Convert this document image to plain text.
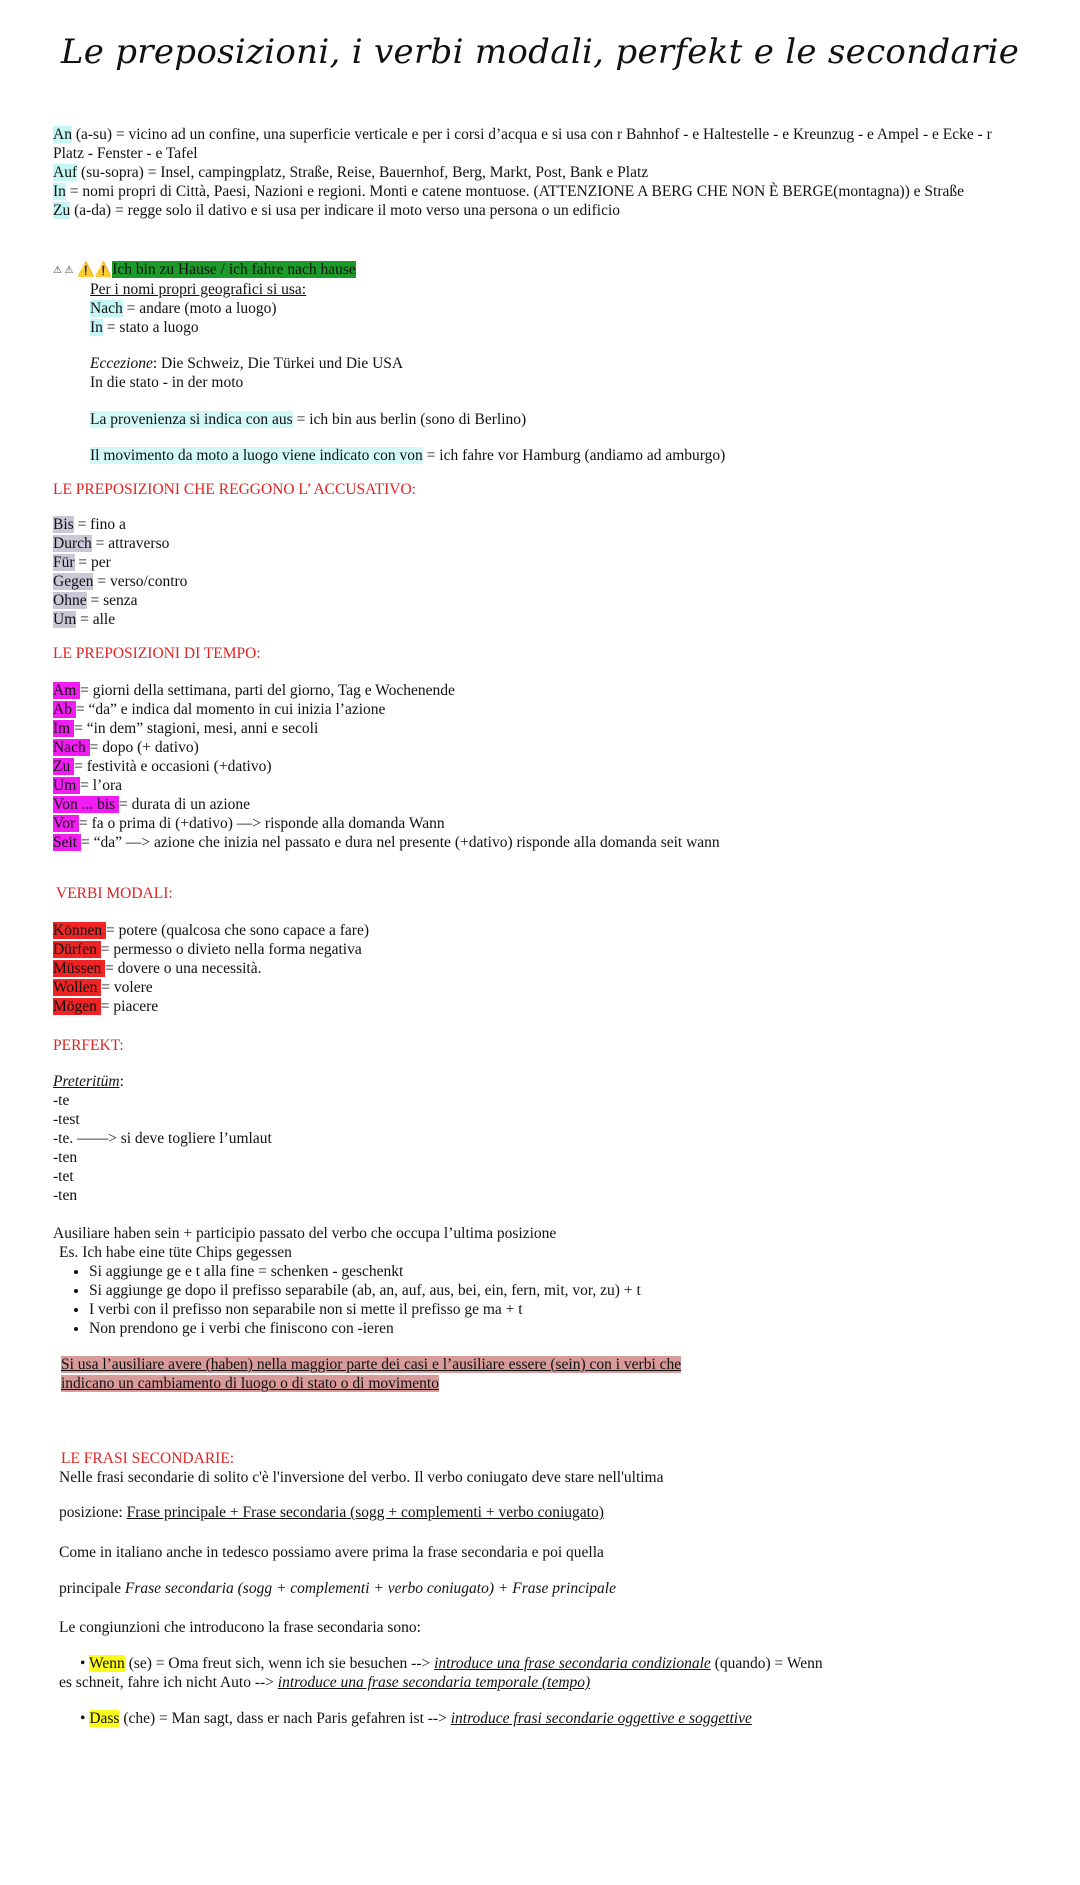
Le preposizioni, i verbi modali, perfekt e le secondarie

An (a-su) = vicino ad un confine, una superficie verticale e per i corsi d’acqua e si usa con r Bahnhof - e Haltestelle - e Kreunzug - e Ampel - e Ecke - r Platz - Fenster - e Tafel

Auf (su-sopra) = Insel, campingplatz, Straße, Reise, Bauernhof, Berg, Markt, Post, Bank e Platz

In = nomi propri di Città, Paesi, Nazioni e regioni. Monti e catene montuose. (ATTENZIONE A BERG CHE NON È BERGE(montagna)) e Straße

Zu (a-da) = regge solo il dativo e si usa per indicare il moto verso una persona o un edificio

⚠ ⚠ ⚠️⚠️Ich bin zu Hause / ich fahre nach hause

Per i nomi propri geografici si usa:

Nach = andare (moto a luogo)

In = stato a luogo

Eccezione: Die Schweiz, Die Türkei und Die USA

In die stato - in der moto

La provenienza si indica con aus = ich bin aus berlin (sono di Berlino)
Il movimento da moto a luogo viene indicato con von = ich fahre vor Hamburg (andiamo ad amburgo)
LE PREPOSIZIONI CHE REGGONO L’ ACCUSATIVO:

Bis = fino a

Durch = attraverso

Für = per

Gegen = verso/contro

Ohne = senza

Um = alle

LE PREPOSIZIONI DI TEMPO:

Am = giorni della settimana, parti del giorno, Tag e Wochenende

Ab = “da” e indica dal momento in cui inizia l’azione

Im = “in dem” stagioni, mesi, anni e secoli

Nach = dopo (+ dativo)

Zu = festività e occasioni (+dativo)

Um = l’ora

Von ... bis = durata di un azione

Vor = fa o prima di (+dativo) —> risponde alla domanda Wann

Seit = “da” —> azione che inizia nel passato e dura nel presente (+dativo) risponde alla domanda seit wann

VERBI MODALI:

Können = potere (qualcosa che sono capace a fare)

Dürfen = permesso o divieto nella forma negativa

Müssen = dovere o una necessità.

Wollen = volere

Mögen = piacere

PERFEKT:

Preteritüm:

-te

-test

-te. ——> si deve togliere l’umlaut

-ten

-tet

-ten

Ausiliare haben sein + participio passato del verbo che occupa l’ultima posizione

Es. Ich habe eine tüte Chips gegessen

• Si aggiunge ge e t alla fine = schenken - geschenkt
• Si aggiunge ge dopo il prefisso separabile (ab, an, auf, aus, bei, ein, fern, mit, vor, zu) + t
• I verbi con il prefisso non separabile non si mette il prefisso ge ma + t
• Non prendono ge i verbi che finiscono con -ieren

Si usa l’ausiliare avere (haben) nella maggior parte dei casi e l’ausiliare essere (sein) con i verbi che

indicano un cambiamento di luogo o di stato o di movimento

LE FRASI SECONDARIE:
Nelle frasi secondarie di solito c'è l'inversione del verbo. Il verbo coniugato deve stare nell'ultima
posizione: Frase principale + Frase secondaria (sogg + complementi + verbo coniugato)
Come in italiano anche in tedesco possiamo avere prima la frase secondaria e poi quella
principale Frase secondaria (sogg + complementi + verbo coniugato) + Frase principale
Le congiunzioni che introducono la frase secondaria sono:

• Wenn (se) = Oma freut sich, wenn ich sie besuchen --> introduce una frase secondaria condizionale (quando) = Wenn

es schneit, fahre ich nicht Auto --> introduce una frase secondaria temporale (tempo)

• Dass (che) = Man sagt, dass er nach Paris gefahren ist --> introduce frasi secondarie oggettive e soggettive
